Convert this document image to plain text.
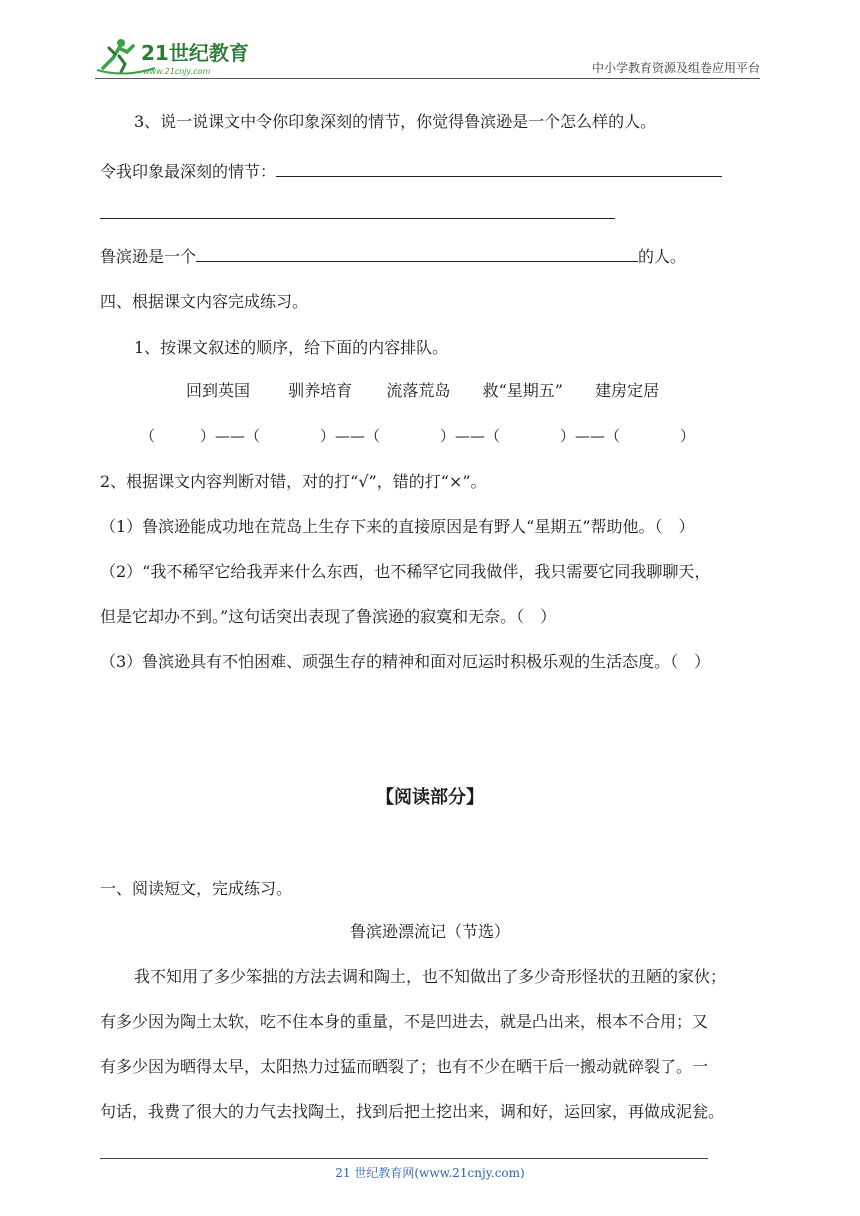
21世纪教育
www.21cnjy.com	中小学教育资源及组卷应用平台
3、说一说课文中令你印象深刻的情节，你觉得鲁滨逊是一个怎么样的人。
令我印象最深刻的情节：
鲁滨逊是一个	的人。
四、根据课文内容完成练习。
1、按课文叙述的顺序，给下面的内容排队。
回到英国 驯养培育 流落荒岛 救“星期五” 建房定居
（　　　）——（　　　　）——（　　　　）——（　　　　）——（　　　　）
2、根据课文内容判断对错，对的打“√”，错的打“×”。
（1）鲁滨逊能成功地在荒岛上生存下来的直接原因是有野人“星期五”帮助他。（　）
（2）“我不稀罕它给我弄来什么东西，也不稀罕它同我做伴，我只需要它同我聊聊天，
但是它却办不到。”这句话突出表现了鲁滨逊的寂寞和无奈。（　）
（3）鲁滨逊具有不怕困难、顽强生存的精神和面对厄运时积极乐观的生活态度。（　）
【阅读部分】
一、阅读短文，完成练习。
鲁滨逊漂流记（节选）
我不知用了多少笨拙的方法去调和陶土，也不知做出了多少奇形怪状的丑陋的家伙；
有多少因为陶土太软，吃不住本身的重量，不是凹进去，就是凸出来，根本不合用；又
有多少因为晒得太早，太阳热力过猛而晒裂了；也有不少在晒干后一搬动就碎裂了。一
句话，我费了很大的力气去找陶土，找到后把土挖出来，调和好，运回家，再做成泥瓮。
21 世纪教育网(www.21cnjy.com)
